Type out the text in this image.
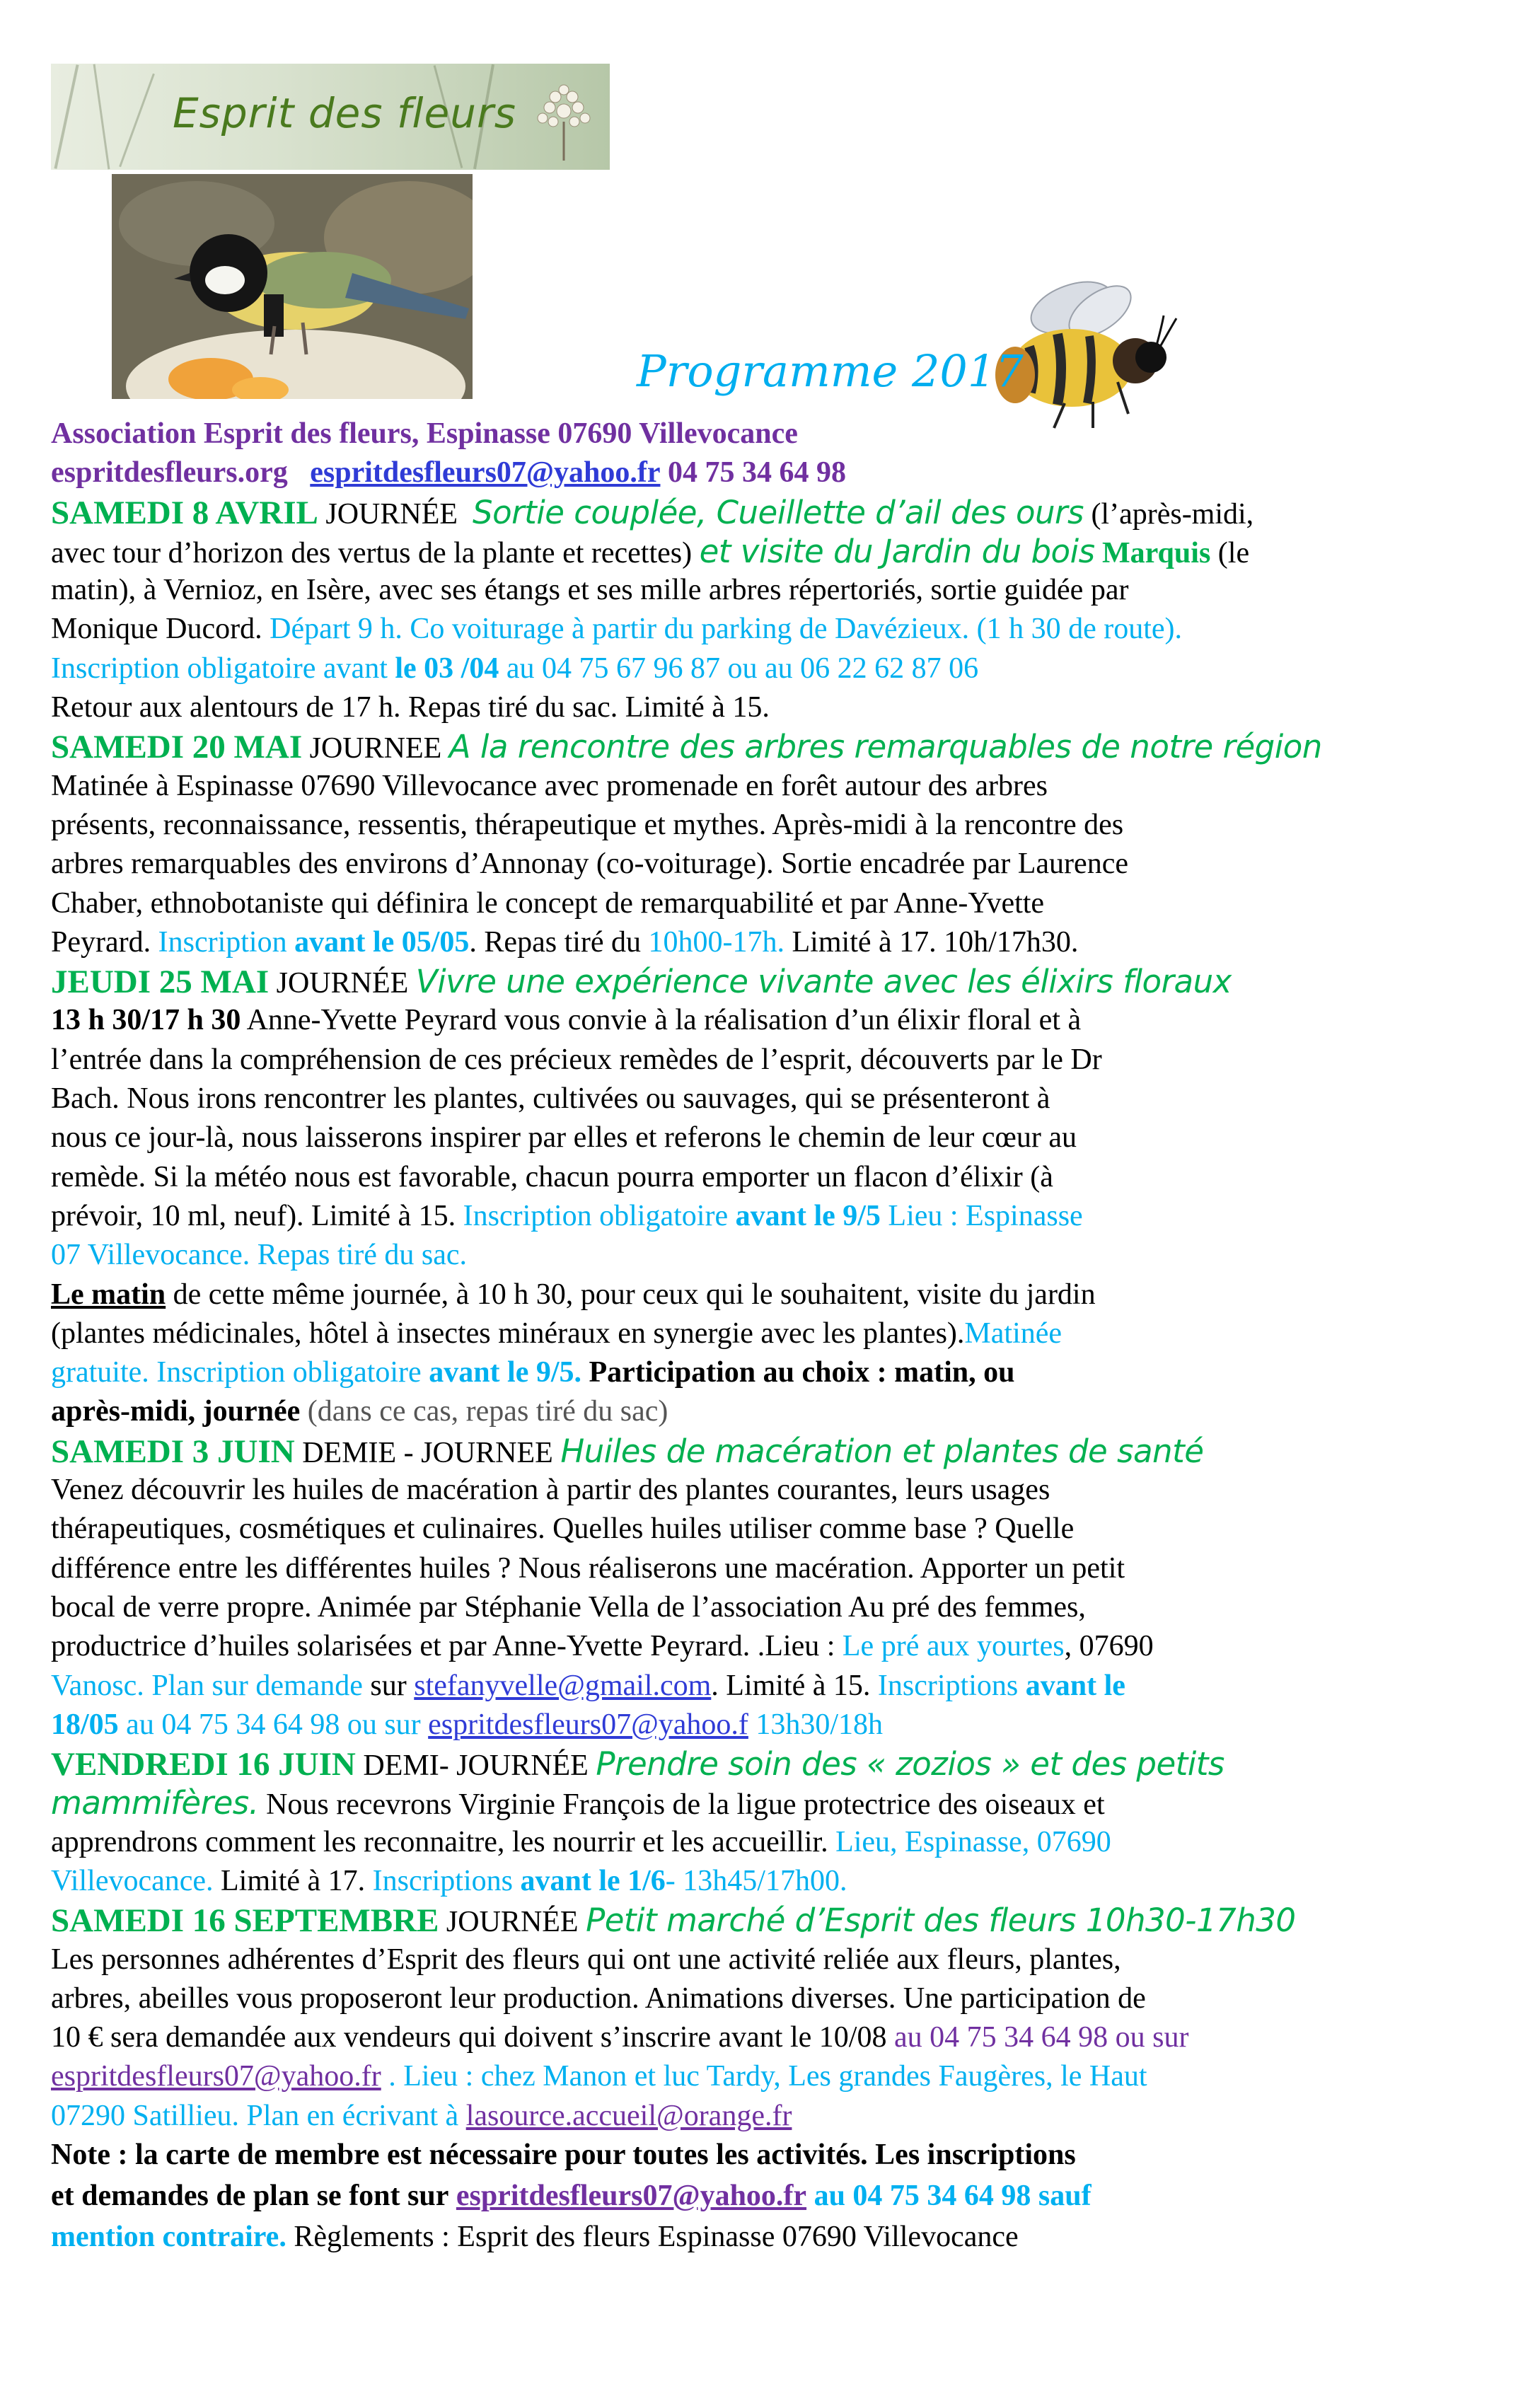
Esprit des fleurs
Programme 2017
Association Esprit des fleurs, Espinasse 07690 Villevocance
espritdesfleurs.org espritdesfleurs07@yahoo.fr 04 75 34 64 98
SAMEDI 8 AVRIL JOURNÉE Sortie couplée, Cueillette d’ail des ours (l’après-midi,
avec tour d’horizon des vertus de la plante et recettes) et visite du Jardin du bois Marquis (le
matin), à Vernioz, en Isère, avec ses étangs et ses mille arbres répertoriés, sortie guidée par
Monique Ducord. Départ 9 h. Co voiturage à partir du parking de Davézieux. (1 h 30 de route).
Inscription obligatoire avant le 03 /04 au 04 75 67 96 87 ou au 06 22 62 87 06
Retour aux alentours de 17 h. Repas tiré du sac. Limité à 15.
SAMEDI 20 MAI JOURNEE A la rencontre des arbres remarquables de notre région
Matinée à Espinasse 07690 Villevocance avec promenade en forêt autour des arbres
présents, reconnaissance, ressentis, thérapeutique et mythes. Après-midi à la rencontre des
arbres remarquables des environs d’Annonay (co-voiturage). Sortie encadrée par Laurence
Chaber, ethnobotaniste qui définira le concept de remarquabilité et par Anne-Yvette
Peyrard. Inscription avant le 05/05. Repas tiré du 10h00-17h. Limité à 17. 10h/17h30.
JEUDI 25 MAI JOURNÉE Vivre une expérience vivante avec les élixirs floraux
13 h 30/17 h 30 Anne-Yvette Peyrard vous convie à la réalisation d’un élixir floral et à
l’entrée dans la compréhension de ces précieux remèdes de l’esprit, découverts par le Dr
Bach. Nous irons rencontrer les plantes, cultivées ou sauvages, qui se présenteront à
nous ce jour-là, nous laisserons inspirer par elles et referons le chemin de leur cœur au
remède. Si la météo nous est favorable, chacun pourra emporter un flacon d’élixir (à
prévoir, 10 ml, neuf). Limité à 15. Inscription obligatoire avant le 9/5 Lieu : Espinasse
07 Villevocance. Repas tiré du sac.
Le matin de cette même journée, à 10 h 30, pour ceux qui le souhaitent, visite du jardin
(plantes médicinales, hôtel à insectes minéraux en synergie avec les plantes).Matinée
gratuite. Inscription obligatoire avant le 9/5. Participation au choix : matin, ou
après-midi, journée (dans ce cas, repas tiré du sac)
SAMEDI 3 JUIN DEMIE - JOURNEE Huiles de macération et plantes de santé
Venez découvrir les huiles de macération à partir des plantes courantes, leurs usages
thérapeutiques, cosmétiques et culinaires. Quelles huiles utiliser comme base ? Quelle
différence entre les différentes huiles ? Nous réaliserons une macération. Apporter un petit
bocal de verre propre. Animée par Stéphanie Vella de l’association Au pré des femmes,
productrice d’huiles solarisées et par Anne-Yvette Peyrard. .Lieu : Le pré aux yourtes, 07690
Vanosc. Plan sur demande sur stefanyvelle@gmail.com. Limité à 15. Inscriptions avant le
18/05 au 04 75 34 64 98 ou sur espritdesfleurs07@yahoo.f 13h30/18h
VENDREDI 16 JUIN DEMI- JOURNÉE Prendre soin des « zozios » et des petits
mammifères. Nous recevrons Virginie François de la ligue protectrice des oiseaux et
apprendrons comment les reconnaitre, les nourrir et les accueillir. Lieu, Espinasse, 07690
Villevocance. Limité à 17. Inscriptions avant le 1/6- 13h45/17h00.
SAMEDI 16 SEPTEMBRE JOURNÉE Petit marché d’Esprit des fleurs 10h30-17h30
Les personnes adhérentes d’Esprit des fleurs qui ont une activité reliée aux fleurs, plantes,
arbres, abeilles vous proposeront leur production. Animations diverses. Une participation de
10 € sera demandée aux vendeurs qui doivent s’inscrire avant le 10/08 au 04 75 34 64 98 ou sur
espritdesfleurs07@yahoo.fr . Lieu : chez Manon et luc Tardy, Les grandes Faugères, le Haut
07290 Satillieu. Plan en écrivant à lasource.accueil@orange.fr
Note : la carte de membre est nécessaire pour toutes les activités. Les inscriptions
et demandes de plan se font sur espritdesfleurs07@yahoo.fr au 04 75 34 64 98 sauf
mention contraire. Règlements : Esprit des fleurs Espinasse 07690 Villevocance
